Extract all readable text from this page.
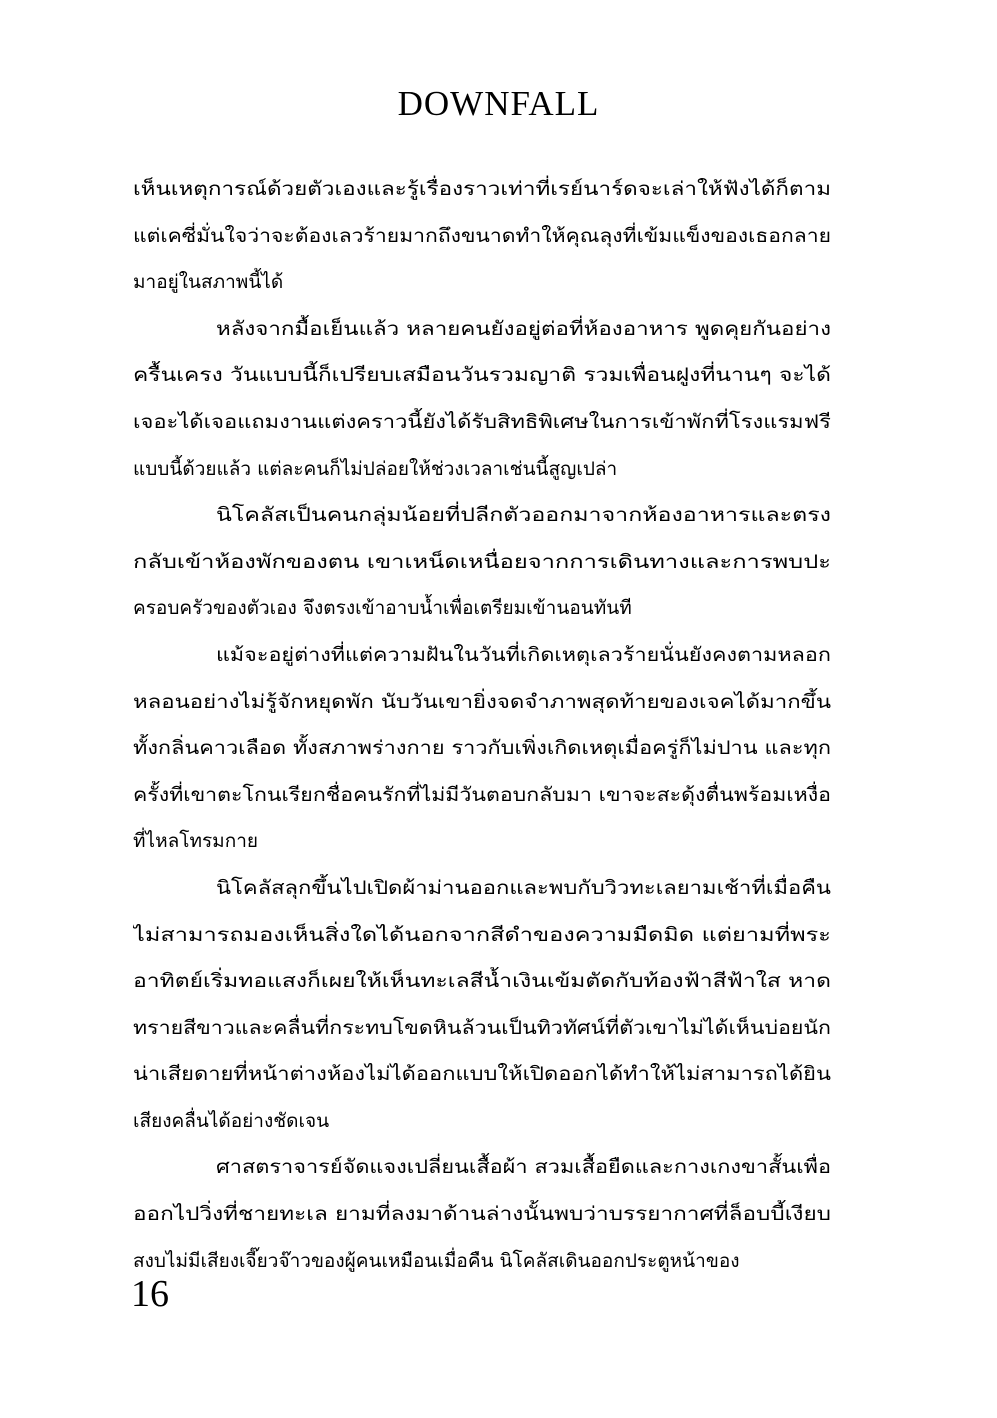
DOWNFALL
เห็นเหตุการณ์ด้วยตัวเองและรู้เรื่องราวเท่าที่เรย์นาร์ดจะเล่าให้ฟังได้ก็ตาม
แต่เคซี่มั่นใจว่าจะต้องเลวร้ายมากถึงขนาดทำให้คุณลุงที่เข้มแข็งของเธอกลาย
มาอยู่ในสภาพนี้ได้
หลังจากมื้อเย็นแล้ว หลายคนยังอยู่ต่อที่ห้องอาหาร พูดคุยกันอย่าง
ครื้นเครง วันแบบนี้ก็เปรียบเสมือนวันรวมญาติ รวมเพื่อนฝูงที่นานๆ จะได้
เจอะได้เจอแถมงานแต่งคราวนี้ยังได้รับสิทธิพิเศษในการเข้าพักที่โรงแรมฟรี
แบบนี้ด้วยแล้ว แต่ละคนก็ไม่ปล่อยให้ช่วงเวลาเช่นนี้สูญเปล่า
นิโคลัสเป็นคนกลุ่มน้อยที่ปลีกตัวออกมาจากห้องอาหารและตรง
กลับเข้าห้องพักของตน เขาเหน็ดเหนื่อยจากการเดินทางและการพบปะ
ครอบครัวของตัวเอง จึงตรงเข้าอาบน้ำเพื่อเตรียมเข้านอนทันที
แม้จะอยู่ต่างที่แต่ความฝันในวันที่เกิดเหตุเลวร้ายนั่นยังคงตามหลอก
หลอนอย่างไม่รู้จักหยุดพัก นับวันเขายิ่งจดจำภาพสุดท้ายของเจคได้มากขึ้น
ทั้งกลิ่นคาวเลือด ทั้งสภาพร่างกาย ราวกับเพิ่งเกิดเหตุเมื่อครู่ก็ไม่ปาน และทุก
ครั้งที่เขาตะโกนเรียกชื่อคนรักที่ไม่มีวันตอบกลับมา เขาจะสะดุ้งตื่นพร้อมเหงื่อ
ที่ไหลโทรมกาย
นิโคลัสลุกขึ้นไปเปิดผ้าม่านออกและพบกับวิวทะเลยามเช้าที่เมื่อคืน
ไม่สามารถมองเห็นสิ่งใดได้นอกจากสีดำของความมืดมิด แต่ยามที่พระ
อาทิตย์เริ่มทอแสงก็เผยให้เห็นทะเลสีน้ำเงินเข้มตัดกับท้องฟ้าสีฟ้าใส หาด
ทรายสีขาวและคลื่นที่กระทบโขดหินล้วนเป็นทิวทัศน์ที่ตัวเขาไม่ได้เห็นบ่อยนัก
น่าเสียดายที่หน้าต่างห้องไม่ได้ออกแบบให้เปิดออกได้ทำให้ไม่สามารถได้ยิน
เสียงคลื่นได้อย่างชัดเจน
ศาสตราจารย์จัดแจงเปลี่ยนเสื้อผ้า สวมเสื้อยืดและกางเกงขาสั้นเพื่อ
ออกไปวิ่งที่ชายทะเล ยามที่ลงมาด้านล่างนั้นพบว่าบรรยากาศที่ล็อบบี้เงียบ
สงบไม่มีเสียงเจี๊ยวจ๊าวของผู้คนเหมือนเมื่อคืน นิโคลัสเดินออกประตูหน้าของ
16
